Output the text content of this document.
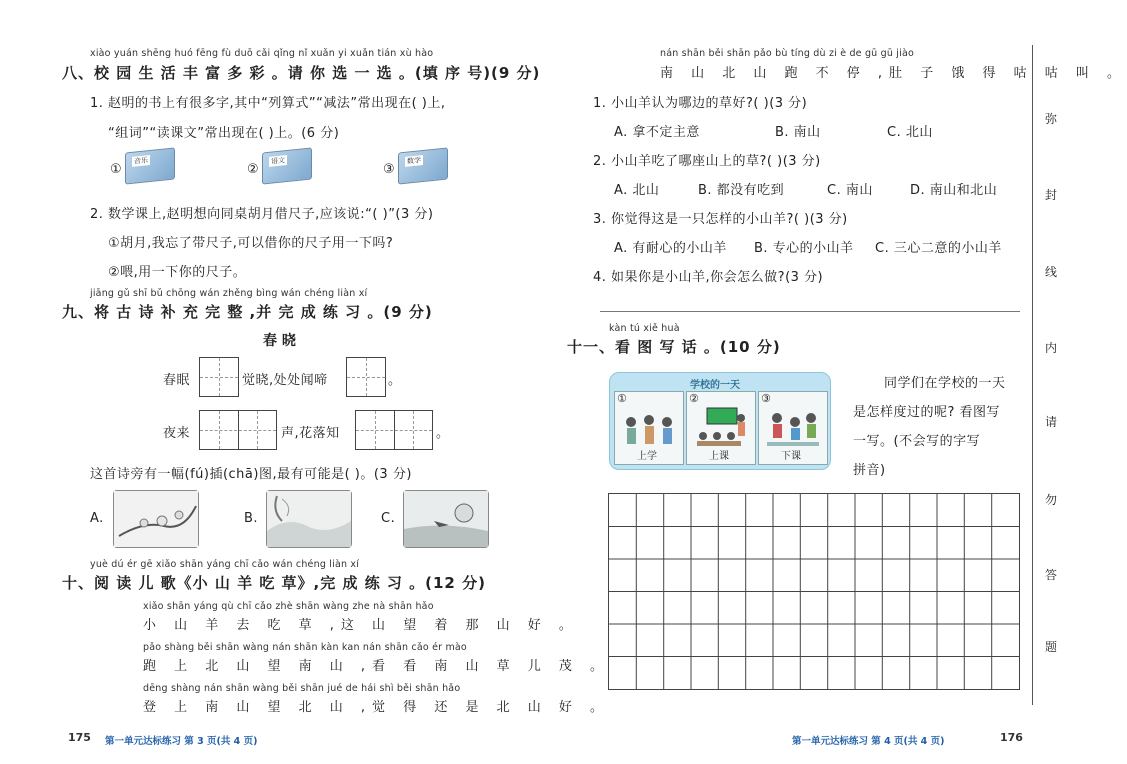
xiào yuán shēng huó fēng fù duō cǎi qǐng nǐ xuǎn yi xuǎn tián xù hào
八、校 园 生 活 丰 富 多 彩 。请 你 选 一 选 。(填 序 号)(9 分)
1. 赵明的书上有很多字,其中“列算式”“减法”常出现在( )上,
“组词”“读课文”常出现在( )上。(6 分)
①
音乐
②
语文
③
数学
2. 数学课上,赵明想向同桌胡月借尺子,应该说:“( )”(3 分)
①胡月,我忘了带尺子,可以借你的尺子用一下吗?
②喂,用一下你的尺子。
jiāng gǔ shī bǔ chōng wán zhěng bìng wán chéng liàn xí
九、将 古 诗 补 充 完 整 ,并 完 成 练 习 。(9 分)
春 晓
春眠	觉晓,处处闻啼	。
夜来	声,花落知	。
这首诗旁有一幅(fú)插(chā)图,最有可能是( )。(3 分)
A.	B.	C.
yuè dú ér gē xiǎo shān yáng chī cǎo wán chéng liàn xí
十、阅 读 儿 歌《小 山 羊 吃 草》,完 成 练 习 。(12 分)
xiǎo shān yáng qù chī cǎo zhè shān wàng zhe nà shān hǎo
小 山 羊 去 吃 草 ,这 山 望 着 那 山 好 。
pǎo shàng běi shān wàng nán shān kàn kan nán shān cǎo ér mào
跑 上 北 山 望 南 山 ,看 看 南 山 草 儿 茂 。
dēng shàng nán shān wàng běi shān jué de hái shì běi shān hǎo
登 上 南 山 望 北 山 ,觉 得 还 是 北 山 好 。
175 第一单元达标练习 第 3 页(共 4 页)
nán shān běi shān pǎo bù tíng dù zi è de gū gū jiào
南 山 北 山 跑 不 停 ,肚 子 饿 得 咕 咕 叫 。
1. 小山羊认为哪边的草好?( )(3 分)
A. 拿不定主意	B. 南山	C. 北山
2. 小山羊吃了哪座山上的草?( )(3 分)
A. 北山	B. 都没有吃到	C. 南山	D. 南山和北山
3. 你觉得这是一只怎样的小山羊?( )(3 分)
A. 有耐心的小山羊 B. 专心的小山羊 C. 三心二意的小山羊
4. 如果你是小山羊,你会怎么做?(3 分)
kàn tú xiě huà
十一、看 图 写 话 。(10 分)
学校的一天
①
上学
②
上课
③
下课
同学们在学校的一天
是怎样度过的呢? 看图写
一写。(不会写的字写
拼音)
弥
封
线
内
请
勿
答
题
第一单元达标练习 第 4 页(共 4 页)	176
